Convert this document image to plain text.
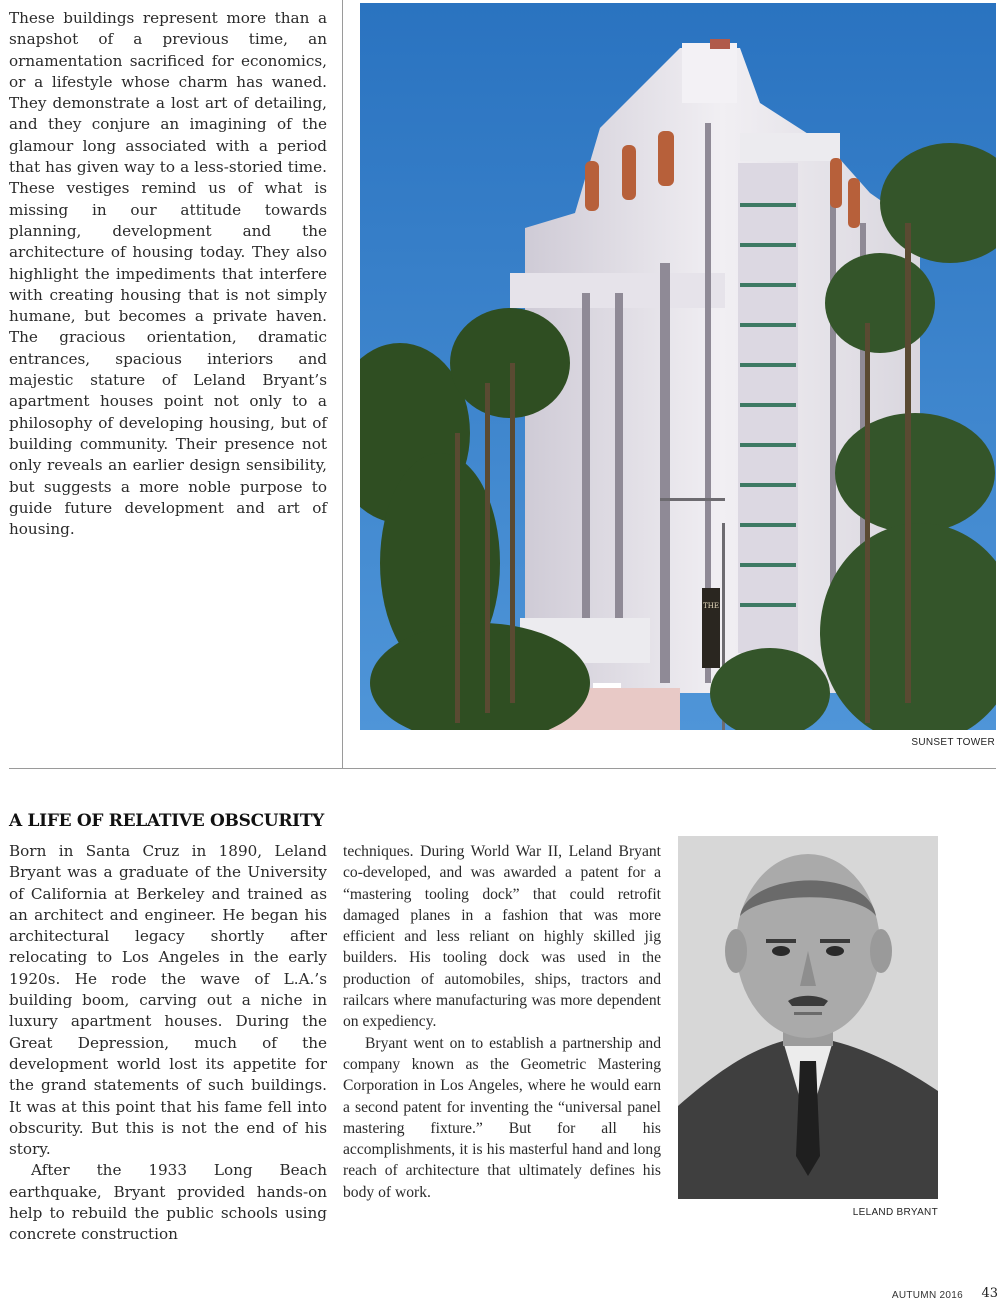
These buildings represent more than a snapshot of a previous time, an ornamentation sacrificed for economics, or a lifestyle whose charm has waned. They demonstrate a lost art of detailing, and they conjure an imagining of the glamour long associated with a period that has given way to a less-storied time. These vestiges remind us of what is missing in our attitude towards planning, development and the architecture of housing today. They also highlight the impediments that interfere with creating housing that is not simply humane, but becomes a private haven. The gracious orientation, dramatic entrances, spacious interiors and majestic stature of Leland Bryant’s apartment houses point not only to a philosophy of developing housing, but of building community. Their presence not only reveals an earlier design sensibility, but suggests a more noble purpose to guide future development and art of housing.

THE
SUNSET TOWER
A LIFE OF RELATIVE OBSCURITY

Born in Santa Cruz in 1890, Leland Bryant was a graduate of the University of California at Berkeley and trained as an architect and engineer. He began his architectural legacy shortly after relocating to Los Angeles in the early 1920s. He rode the wave of L.A.’s building boom, carving out a niche in luxury apartment houses. During the Great Depression, much of the development world lost its appetite for the grand statements of such buildings. It was at this point that his fame fell into obscurity. But this is not the end of his story.

After the 1933 Long Beach earthquake, Bryant provided hands-on help to rebuild the public schools using concrete construction

techniques. During World War II, Leland Bryant co-developed, and was awarded a patent for a “mastering tooling dock” that could retrofit damaged planes in a fashion that was more efficient and less reliant on highly skilled jig builders. His tooling dock was used in the production of automobiles, ships, tractors and railcars where manufacturing was more dependent on expediency.

Bryant went on to establish a partnership and company known as the Geometric Mastering Corporation in Los Angeles, where he would earn a second patent for inventing the “universal panel mastering fixture.” But for all his accomplishments, it is his masterful hand and long reach of architecture that ultimately defines his body of work.

LELAND BRYANT
AUTUMN 2016 43
